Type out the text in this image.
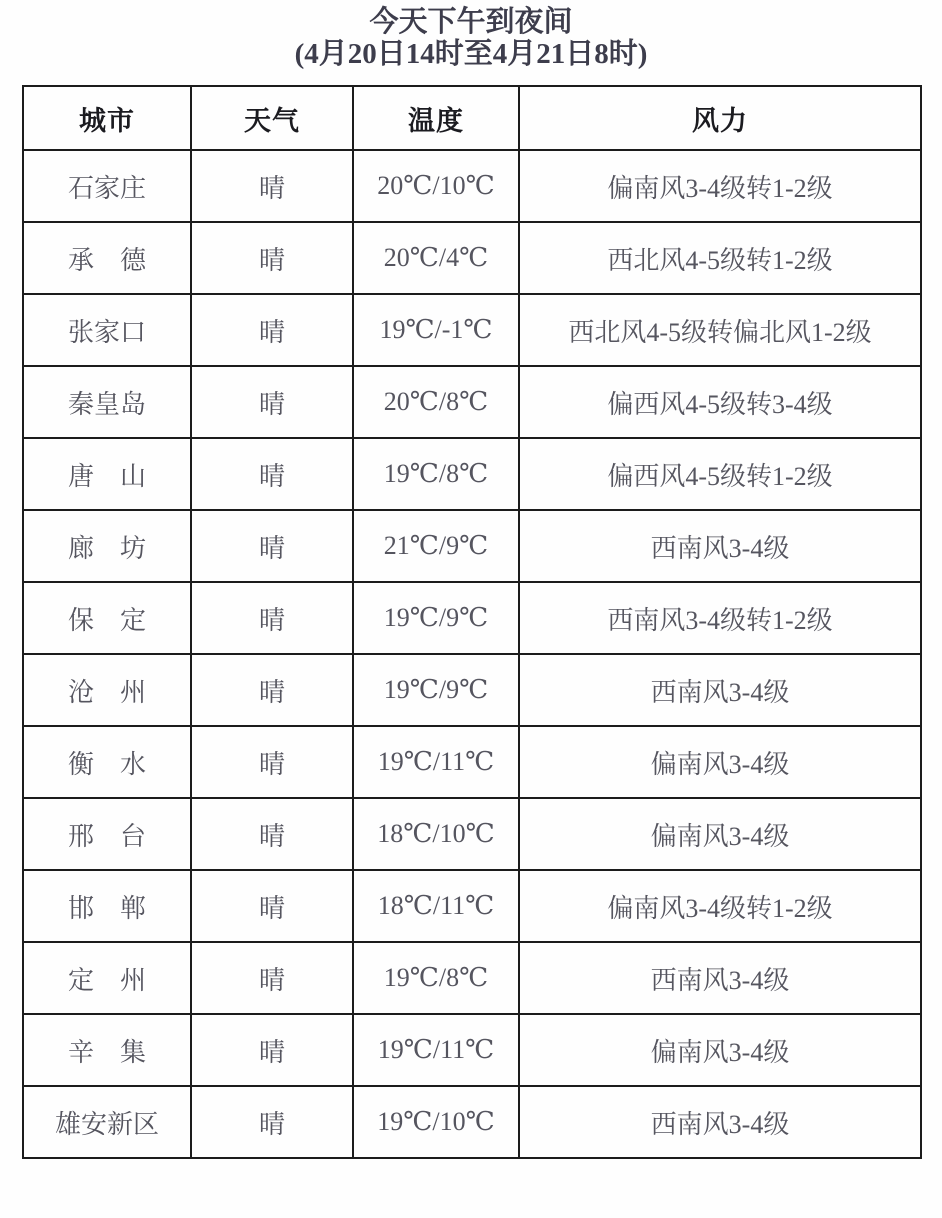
今天下午到夜间
(4月20日14时至4月21日8时)
城市	天气	温度	风力
石家庄	晴	20℃/10℃	偏南风3-4级转1-2级
承　德	晴	20℃/4℃	西北风4-5级转1-2级
张家口	晴	19℃/-1℃	西北风4-5级转偏北风1-2级
秦皇岛	晴	20℃/8℃	偏西风4-5级转3-4级
唐　山	晴	19℃/8℃	偏西风4-5级转1-2级
廊　坊	晴	21℃/9℃	西南风3-4级
保　定	晴	19℃/9℃	西南风3-4级转1-2级
沧　州	晴	19℃/9℃	西南风3-4级
衡　水	晴	19℃/11℃	偏南风3-4级
邢　台	晴	18℃/10℃	偏南风3-4级
邯　郸	晴	18℃/11℃	偏南风3-4级转1-2级
定　州	晴	19℃/8℃	西南风3-4级
辛　集	晴	19℃/11℃	偏南风3-4级
雄安新区	晴	19℃/10℃	西南风3-4级
